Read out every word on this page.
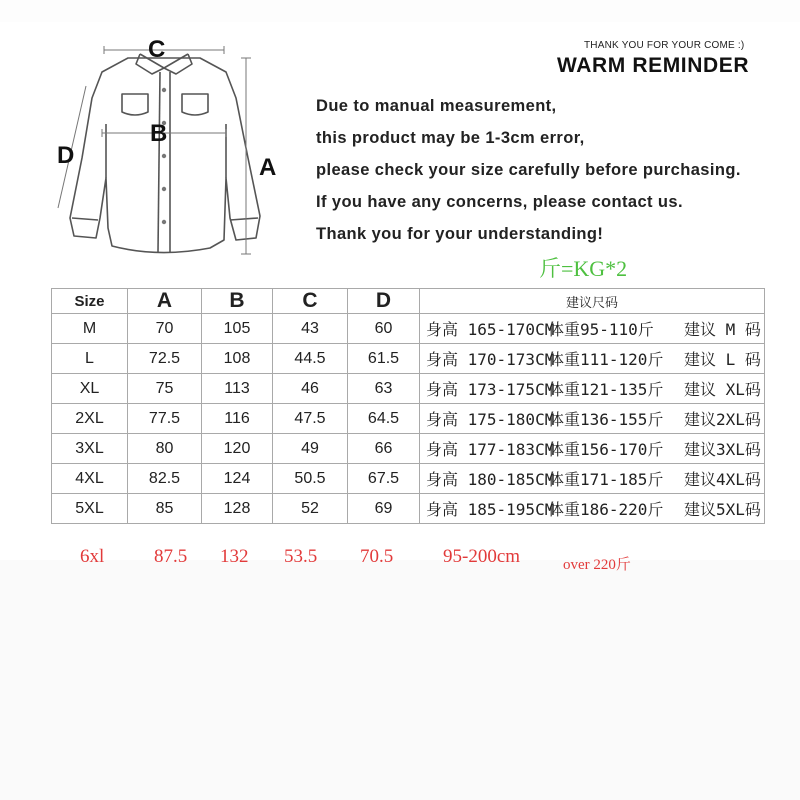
C
B
D	A
THANK YOU FOR YOUR COME :)
WARM REMINDER
Due to manual measurement,
this product may be 1-3cm error,
please check your size carefully before purchasing.
If you have any concerns, please contact us.
Thank you for your understanding!
斤=KG*2
Size	A	B	C	D	建议尺码
M	70	105	43	60	身高 165-170CM体重95-110斤 建议 M 码
L	72.5	108	44.5	61.5	身高 170-173CM体重111-120斤 建议 L 码
XL	75	113	46	63	身高 173-175CM体重121-135斤 建议 XL码
2XL	77.5	116	47.5	64.5	身高 175-180CM体重136-155斤 建议2XL码
3XL	80	120	49	66	身高 177-183CM体重156-170斤 建议3XL码
4XL	82.5	124	50.5	67.5	身高 180-185CM体重171-185斤 建议4XL码
5XL	85	128	52	69	身高 185-195CM体重186-220斤 建议5XL码
6xl	87.5 132 53.5 70.5	95-200cm	over 220斤
